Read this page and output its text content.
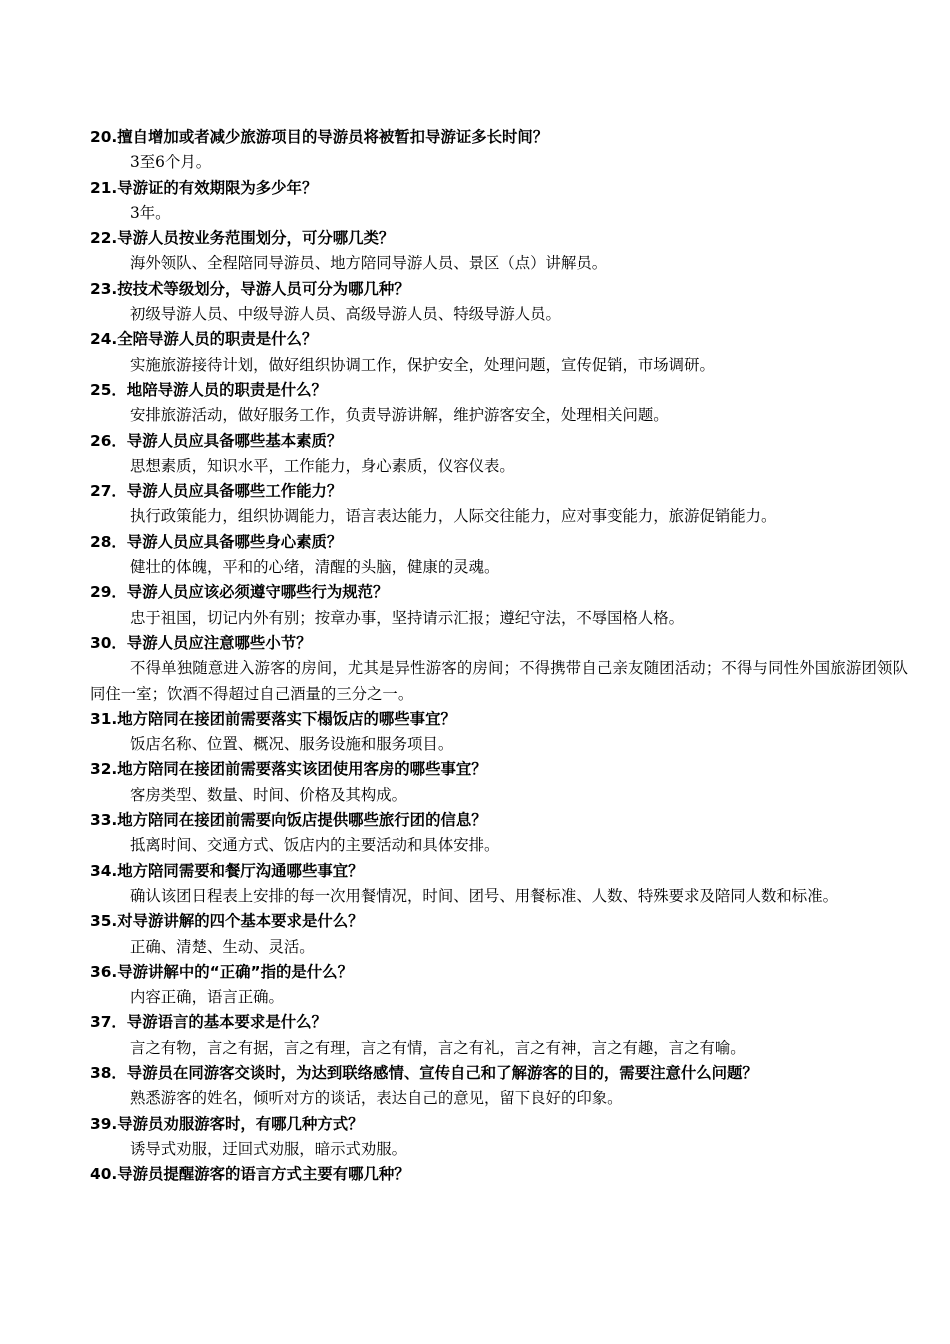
20.擅自增加或者减少旅游项目的导游员将被暂扣导游证多长时间？
3至6个月。
21.导游证的有效期限为多少年？
3年。
22.导游人员按业务范围划分，可分哪几类？
海外领队、全程陪同导游员、地方陪同导游人员、景区（点）讲解员。
23.按技术等级划分，导游人员可分为哪几种？
初级导游人员、中级导游人员、高级导游人员、特级导游人员。
24.全陪导游人员的职责是什么？
实施旅游接待计划，做好组织协调工作，保护安全，处理问题，宣传促销，市场调研。
25．地陪导游人员的职责是什么？
安排旅游活动，做好服务工作，负责导游讲解，维护游客安全，处理相关问题。
26．导游人员应具备哪些基本素质？
思想素质，知识水平，工作能力，身心素质，仪容仪表。
27．导游人员应具备哪些工作能力？
执行政策能力，组织协调能力，语言表达能力，人际交往能力，应对事变能力，旅游促销能力。
28．导游人员应具备哪些身心素质？
健壮的体魄，平和的心绪，清醒的头脑，健康的灵魂。
29．导游人员应该必须遵守哪些行为规范？
忠于祖国，切记内外有别；按章办事，坚持请示汇报；遵纪守法，不辱国格人格。
30．导游人员应注意哪些小节？
不得单独随意进入游客的房间，尤其是异性游客的房间；不得携带自己亲友随团活动；不得与同性外国旅游团领队同住一室；饮酒不得超过自己酒量的三分之一。
31.地方陪同在接团前需要落实下榻饭店的哪些事宜？
饭店名称、位置、概况、服务设施和服务项目。
32.地方陪同在接团前需要落实该团使用客房的哪些事宜？
客房类型、数量、时间、价格及其构成。
33.地方陪同在接团前需要向饭店提供哪些旅行团的信息？
抵离时间、交通方式、饭店内的主要活动和具体安排。
34.地方陪同需要和餐厅沟通哪些事宜？
确认该团日程表上安排的每一次用餐情况，时间、团号、用餐标准、人数、特殊要求及陪同人数和标准。
35.对导游讲解的四个基本要求是什么？
正确、清楚、生动、灵活。
36.导游讲解中的“正确”指的是什么？
内容正确，语言正确。
37．导游语言的基本要求是什么？
言之有物，言之有据，言之有理，言之有情，言之有礼，言之有神，言之有趣，言之有喻。
38．导游员在同游客交谈时，为达到联络感情、宣传自己和了解游客的目的，需要注意什么问题？
熟悉游客的姓名，倾听对方的谈话，表达自己的意见，留下良好的印象。
39.导游员劝服游客时，有哪几种方式？
诱导式劝服，迂回式劝服，暗示式劝服。
40.导游员提醒游客的语言方式主要有哪几种？
